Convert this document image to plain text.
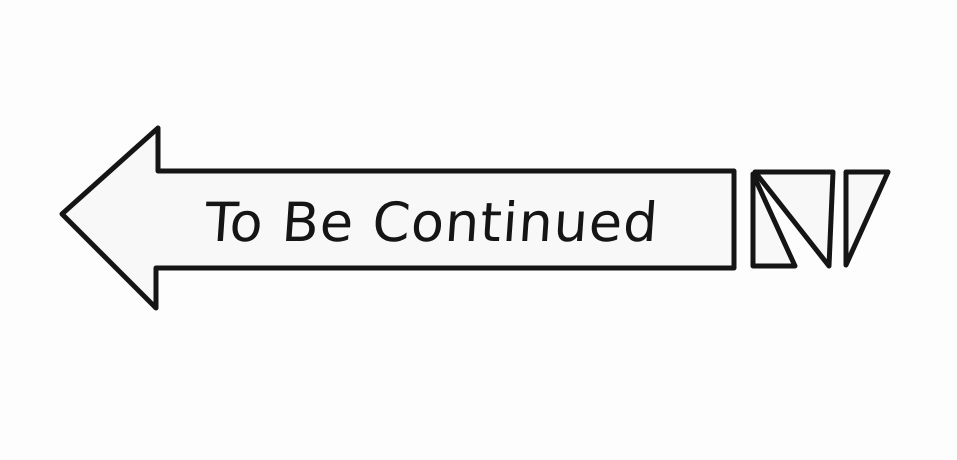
To Be Continued
